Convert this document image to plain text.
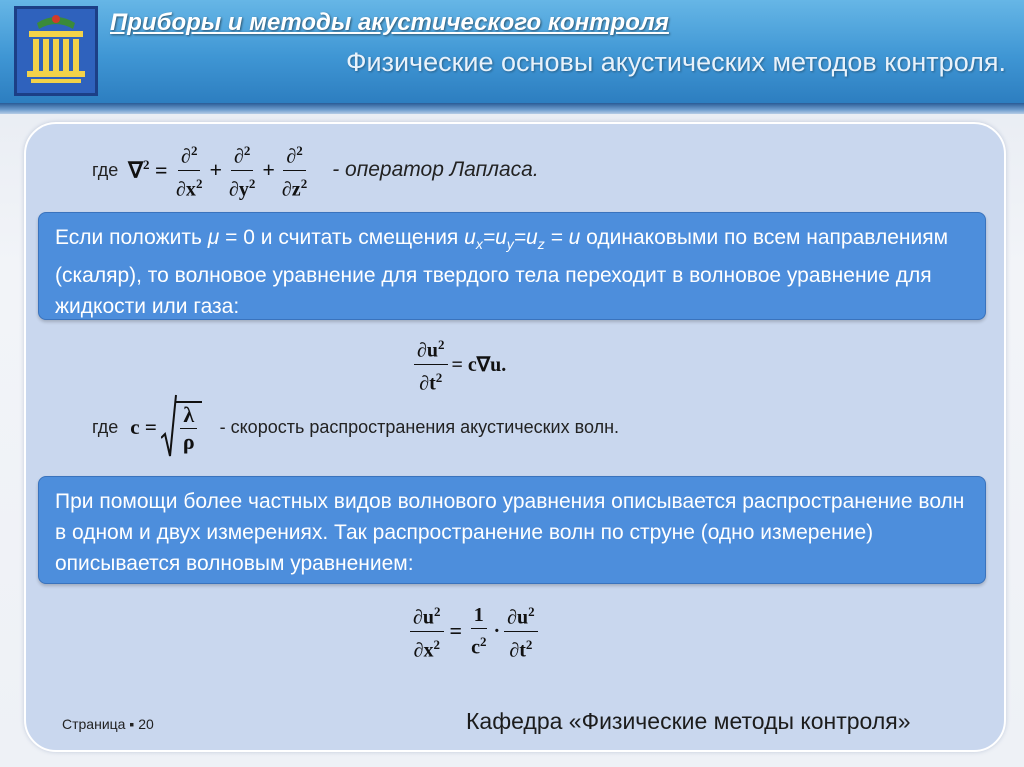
Приборы и методы акустического контроля
Физические основы акустических методов контроля.
где $\nabla^2 = \frac{\partial^2}{\partial x^2} + \frac{\partial^2}{\partial y^2} + \frac{\partial^2}{\partial z^2}$ - оператор Лапласа.
Если положить μ = 0 и считать смещения $u_x=u_y=u_z = u$ одинаковыми по всем направлениям (скаляр), то волновое уравнение для твердого тела переходит в волновое уравнение для жидкости или газа:
$\frac{\partial u^2}{\partial t^2} = c\nabla u$.
где $c = \frac{\lambda}{\rho}$ - скорость распространения акустических волн.
При помощи более частных видов волнового уравнения описывается распространение волн в одном и двух измерениях. Так распространение волн по струне (одно измерение) описывается волновым уравнением:
$\frac{\partial u^2}{\partial x^2} = \frac{1}{c^2} \cdot \frac{\partial u^2}{\partial t^2}$
Страница ▪ 20	Кафедра «Физические методы контроля»
